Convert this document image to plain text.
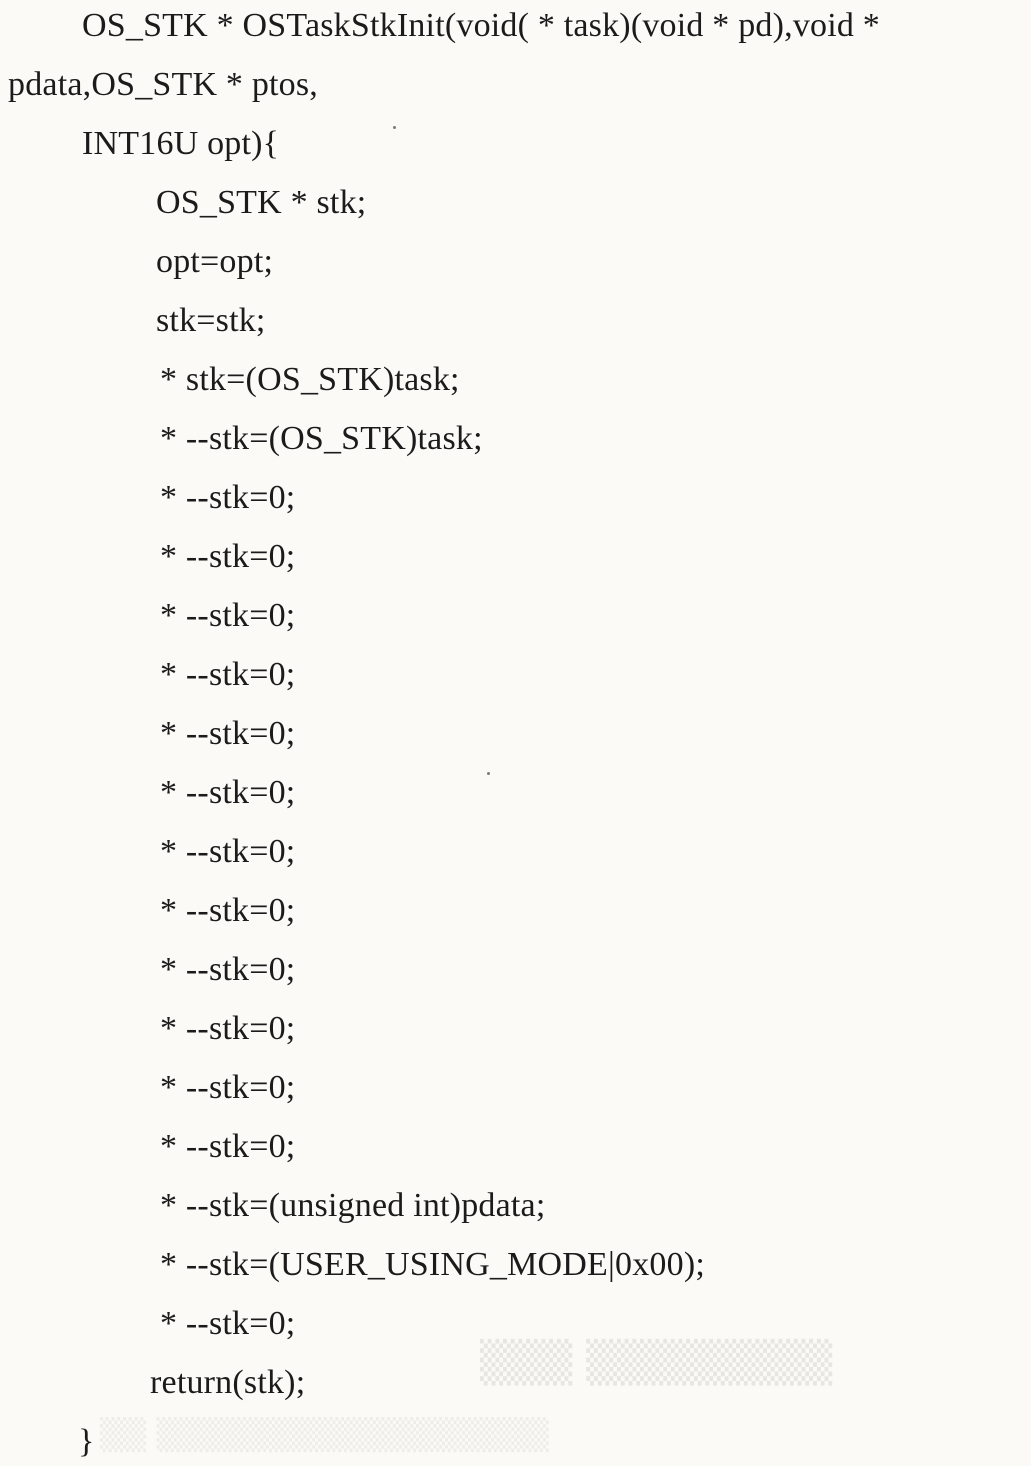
▒▒▒ ▒▒▒▒▒▒▒▒
▒▒ ▒▒▒▒▒▒▒▒▒▒▒▒▒▒▒▒▒
OS_STK * OSTaskStkInit(void( * task)(void * pd),void *
pdata,OS_STK * ptos,
INT16U opt){
OS_STK * stk;
opt=opt;
stk=stk;
* stk=(OS_STK)task;
* --stk=(OS_STK)task;
* --stk=0;
* --stk=0;
* --stk=0;
* --stk=0;
* --stk=0;
* --stk=0;
* --stk=0;
* --stk=0;
* --stk=0;
* --stk=0;
* --stk=0;
* --stk=0;
* --stk=(unsigned int)pdata;
* --stk=(USER_USING_MODE|0x00);
* --stk=0;
return(stk);
}
